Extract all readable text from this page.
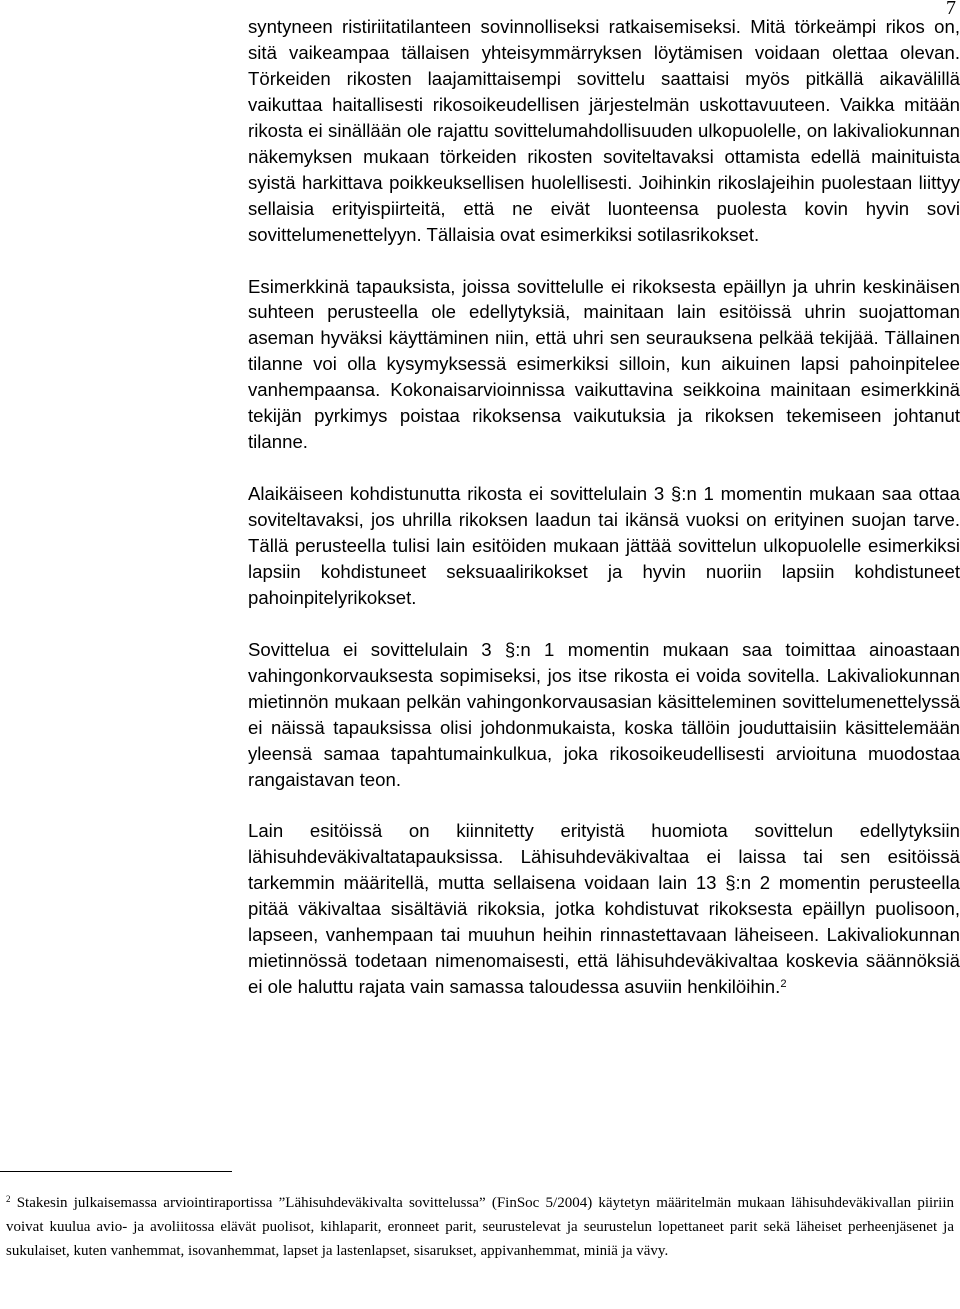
7

syntyneen ristiriitatilanteen sovinnolliseksi ratkaisemiseksi. Mitä törkeämpi rikos on, sitä vaikeampaa tällaisen yhteisymmärryksen löytämisen voidaan olettaa olevan. Törkeiden rikosten laajamittaisempi sovittelu saattaisi myös pitkällä aikavälillä vaikuttaa haitallisesti rikosoikeudellisen järjestelmän uskottavuuteen. Vaikka mitään rikosta ei sinällään ole rajattu sovittelumahdollisuuden ulkopuolelle, on lakivaliokunnan näkemyksen mukaan törkeiden rikosten soviteltavaksi ottamista edellä mainituista syistä harkittava poikkeuksellisen huolellisesti. Joihinkin rikoslajeihin puolestaan liittyy sellaisia erityispiirteitä, että ne eivät luonteensa puolesta kovin hyvin sovi sovittelumenettelyyn. Tällaisia ovat esimerkiksi sotilasrikokset.

Esimerkkinä tapauksista, joissa sovittelulle ei rikoksesta epäillyn ja uhrin keskinäisen suhteen perusteella ole edellytyksiä, mainitaan lain esitöissä uhrin suojattoman aseman hyväksi käyttäminen niin, että uhri sen seurauksena pelkää tekijää. Tällainen tilanne voi olla kysymyksessä esimerkiksi silloin, kun aikuinen lapsi pahoinpitelee vanhempaansa. Kokonaisarvioinnissa vaikuttavina seikkoina mainitaan esimerkkinä tekijän pyrkimys poistaa rikoksensa vaikutuksia ja rikoksen tekemiseen johtanut tilanne.

Alaikäiseen kohdistunutta rikosta ei sovittelulain 3 §:n 1 momentin mukaan saa ottaa soviteltavaksi, jos uhrilla rikoksen laadun tai ikänsä vuoksi on erityinen suojan tarve. Tällä perusteella tulisi lain esitöiden mukaan jättää sovittelun ulkopuolelle esimerkiksi lapsiin kohdistuneet seksuaalirikokset ja hyvin nuoriin lapsiin kohdistuneet pahoinpitelyrikokset.

Sovittelua ei sovittelulain 3 §:n 1 momentin mukaan saa toimittaa ainoastaan vahingonkorvauksesta sopimiseksi, jos itse rikosta ei voida sovitella. Lakivaliokunnan mietinnön mukaan pelkän vahingonkorvausasian käsitteleminen sovittelumenettelyssä ei näissä tapauksissa olisi johdonmukaista, koska tällöin jouduttaisiin käsittelemään yleensä samaa tapahtumainkulkua, joka rikosoikeudellisesti arvioituna muodostaa rangaistavan teon.

Lain esitöissä on kiinnitetty erityistä huomiota sovittelun edellytyksiin lähisuhdeväkivaltatapauksissa. Lähisuhdeväkivaltaa ei laissa tai sen esitöissä tarkemmin määritellä, mutta sellaisena voidaan lain 13 §:n 2 momentin perusteella pitää väkivaltaa sisältäviä rikoksia, jotka kohdistuvat rikoksesta epäillyn puolisoon, lapseen, vanhempaan tai muuhun heihin rinnastettavaan läheiseen. Lakivaliokunnan mietinnössä todetaan nimenomaisesti, että lähisuhdeväkivaltaa koskevia säännöksiä ei ole haluttu rajata vain samassa taloudessa asuviin henkilöihin.$^2$

$^2$ Stakesin julkaisemassa arviointiraportissa ”Lähisuhdeväkivalta sovittelussa” (FinSoc 5/2004) käytetyn määritelmän mukaan lähisuhdeväkivallan piiriin voivat kuulua avio- ja avoliitossa elävät puolisot, kihlaparit, eronneet parit, seurustelevat ja seurustelun lopettaneet parit sekä läheiset perheenjäsenet ja sukulaiset, kuten vanhemmat, isovanhemmat, lapset ja lastenlapset, sisarukset, appivanhemmat, miniä ja vävy.
